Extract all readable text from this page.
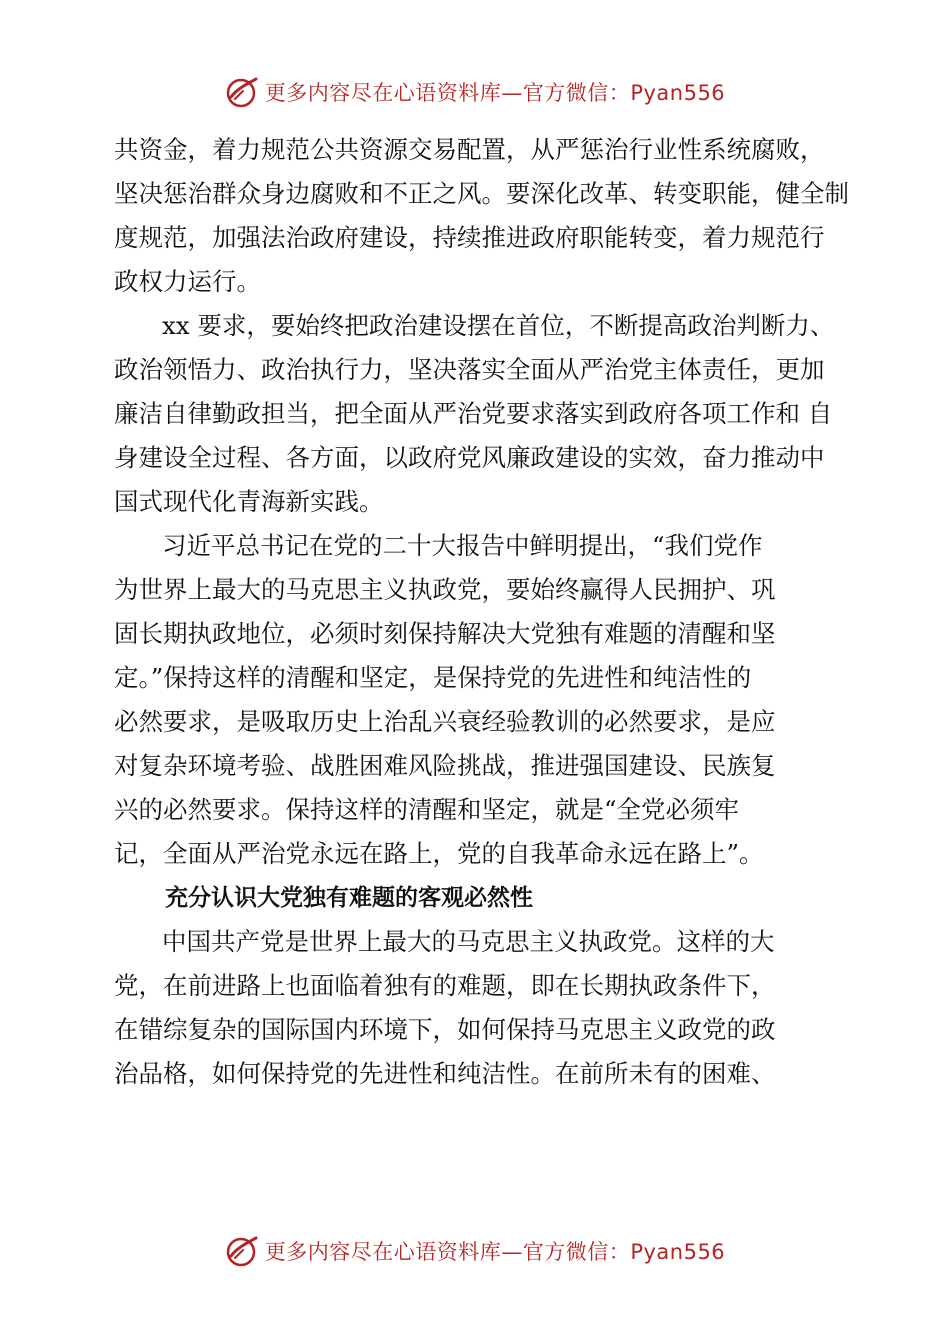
更多内容尽在心语资料库—官方微信：Pyan556
共资金，着力规范公共资源交易配置，从严惩治行业性系统腐败，
坚决惩治群众身边腐败和不正之风。要深化改革、转变职能，健全制
度规范，加强法治政府建设，持续推进政府职能转变，着力规范行
政权力运行。
xx 要求，要始终把政治建设摆在首位，不断提高政治判断力、
政治领悟力、政治执行力，坚决落实全面从严治党主体责任，更加
廉洁自律勤政担当，把全面从严治党要求落实到政府各项工作和 自
身建设全过程、各方面，以政府党风廉政建设的实效，奋力推动中
国式现代化青海新实践。
习近平总书记在党的二十大报告中鲜明提出，“我们党作
为世界上最大的马克思主义执政党，要始终赢得人民拥护、巩
固长期执政地位，必须时刻保持解决大党独有难题的清醒和坚
定。”保持这样的清醒和坚定，是保持党的先进性和纯洁性的
必然要求，是吸取历史上治乱兴衰经验教训的必然要求，是应
对复杂环境考验、战胜困难风险挑战，推进强国建设、民族复
兴的必然要求。保持这样的清醒和坚定，就是“全党必须牢
记，全面从严治党永远在路上，党的自我革命永远在路上”。
充分认识大党独有难题的客观必然性
中国共产党是世界上最大的马克思主义执政党。这样的大
党，在前进路上也面临着独有的难题，即在长期执政条件下，
在错综复杂的国际国内环境下，如何保持马克思主义政党的政
治品格，如何保持党的先进性和纯洁性。在前所未有的困难、
更多内容尽在心语资料库—官方微信：Pyan556
